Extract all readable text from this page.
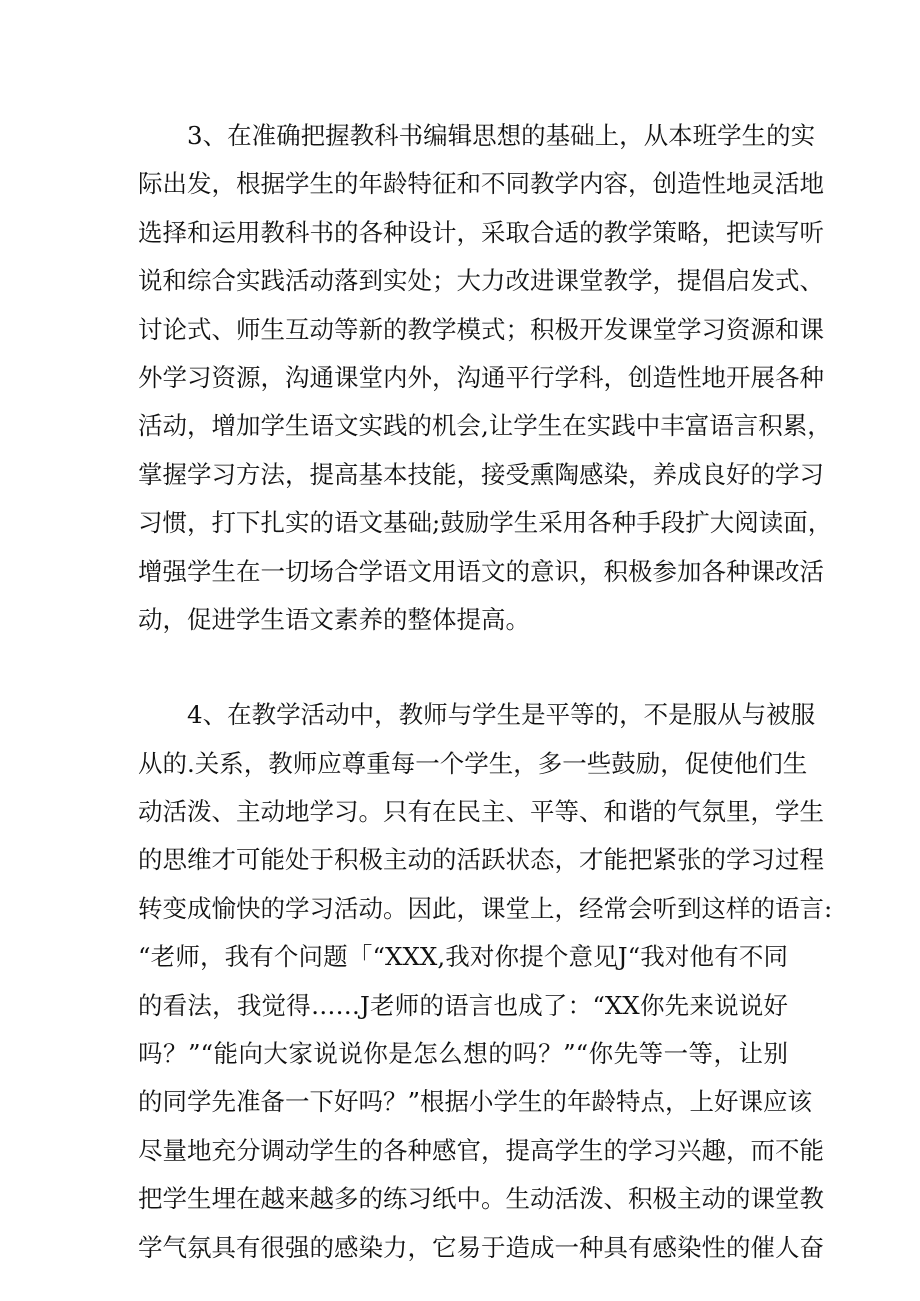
3、在准确把握教科书编辑思想的基础上，从本班学生的实
际出发，根据学生的年龄特征和不同教学内容，创造性地灵活地
选择和运用教科书的各种设计，采取合适的教学策略，把读写听
说和综合实践活动落到实处；大力改进课堂教学，提倡启发式、
讨论式、师生互动等新的教学模式；积极开发课堂学习资源和课
外学习资源，沟通课堂内外，沟通平行学科，创造性地开展各种
活动，增加学生语文实践的机会,让学生在实践中丰富语言积累，
掌握学习方法，提高基本技能，接受熏陶感染，养成良好的学习
习惯，打下扎实的语文基础;鼓励学生采用各种手段扩大阅读面，
增强学生在一切场合学语文用语文的意识，积极参加各种课改活
动，促进学生语文素养的整体提高。
4、在教学活动中，教师与学生是平等的，不是服从与被服
从的.关系，教师应尊重每一个学生，多一些鼓励，促使他们生
动活泼、主动地学习。只有在民主、平等、和谐的气氛里，学生
的思维才可能处于积极主动的活跃状态，才能把紧张的学习过程
转变成愉快的学习活动。因此，课堂上，经常会听到这样的语言:
“老师，我有个问题「“XXX,我对你提个意见J“我对他有不同
的看法，我觉得……J老师的语言也成了：“XX你先来说说好
吗？”“能向大家说说你是怎么想的吗？”“你先等一等，让别
的同学先准备一下好吗？”根据小学生的年龄特点，上好课应该
尽量地充分调动学生的各种感官，提高学生的学习兴趣，而不能
把学生埋在越来越多的练习纸中。生动活泼、积极主动的课堂教
学气氛具有很强的感染力，它易于造成一种具有感染性的催人奋
